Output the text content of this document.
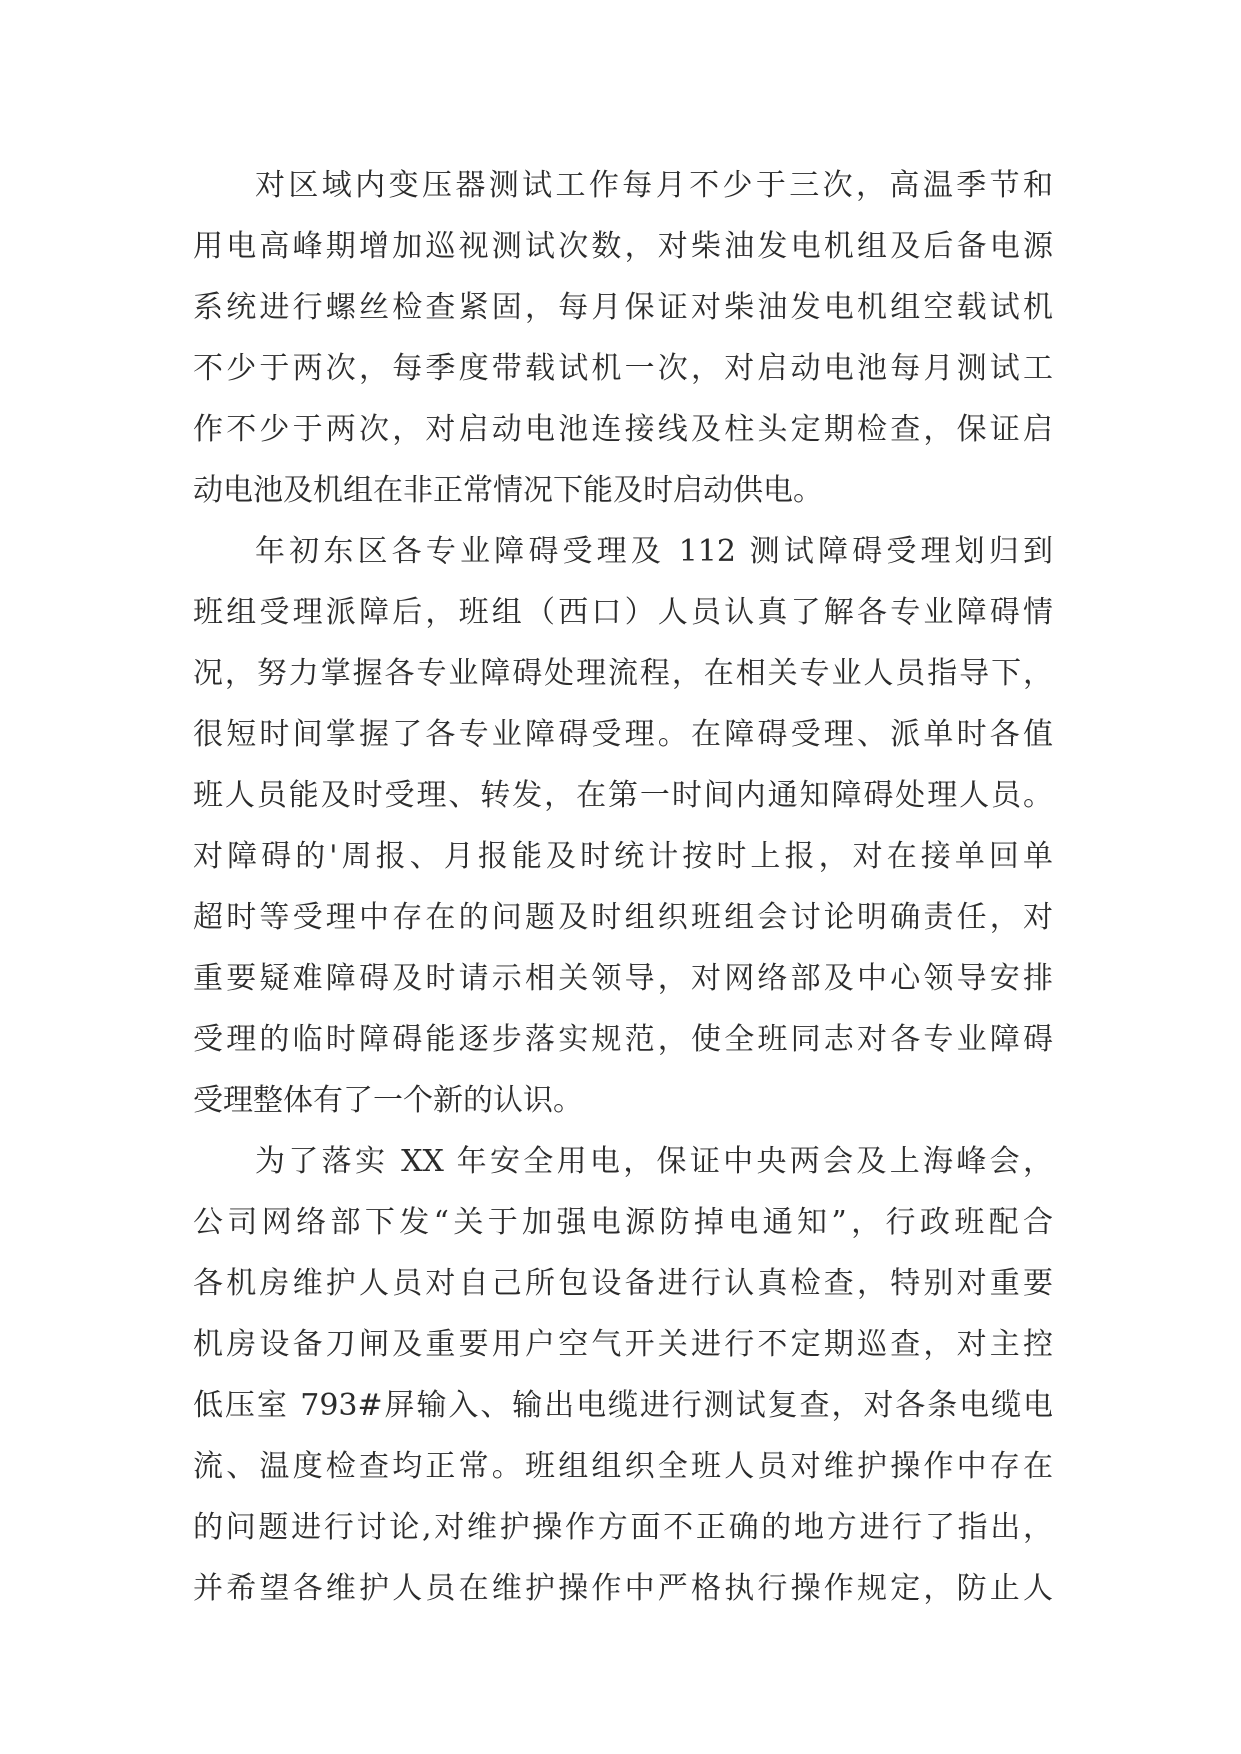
对区域内变压器测试工作每月不少于三次，高温季节和
用电高峰期增加巡视测试次数，对柴油发电机组及后备电源
系统进行螺丝检查紧固，每月保证对柴油发电机组空载试机
不少于两次，每季度带载试机一次，对启动电池每月测试工
作不少于两次，对启动电池连接线及柱头定期检查，保证启
动电池及机组在非正常情况下能及时启动供电。
年初东区各专业障碍受理及 112 测试障碍受理划归到
班组受理派障后，班组（西口）人员认真了解各专业障碍情
况，努力掌握各专业障碍处理流程，在相关专业人员指导下，
很短时间掌握了各专业障碍受理。在障碍受理、派单时各值
班人员能及时受理、转发，在第一时间内通知障碍处理人员。
对障碍的'周报、月报能及时统计按时上报，对在接单回单
超时等受理中存在的问题及时组织班组会讨论明确责任，对
重要疑难障碍及时请示相关领导，对网络部及中心领导安排
受理的临时障碍能逐步落实规范，使全班同志对各专业障碍
受理整体有了一个新的认识。
为了落实 XX 年安全用电，保证中央两会及上海峰会，
公司网络部下发“关于加强电源防掉电通知”，行政班配合
各机房维护人员对自己所包设备进行认真检查，特别对重要
机房设备刀闸及重要用户空气开关进行不定期巡查，对主控
低压室 793#屏输入、输出电缆进行测试复查，对各条电缆电
流、温度检查均正常。班组组织全班人员对维护操作中存在
的问题进行讨论,对维护操作方面不正确的地方进行了指出，
并希望各维护人员在维护操作中严格执行操作规定，防止人
